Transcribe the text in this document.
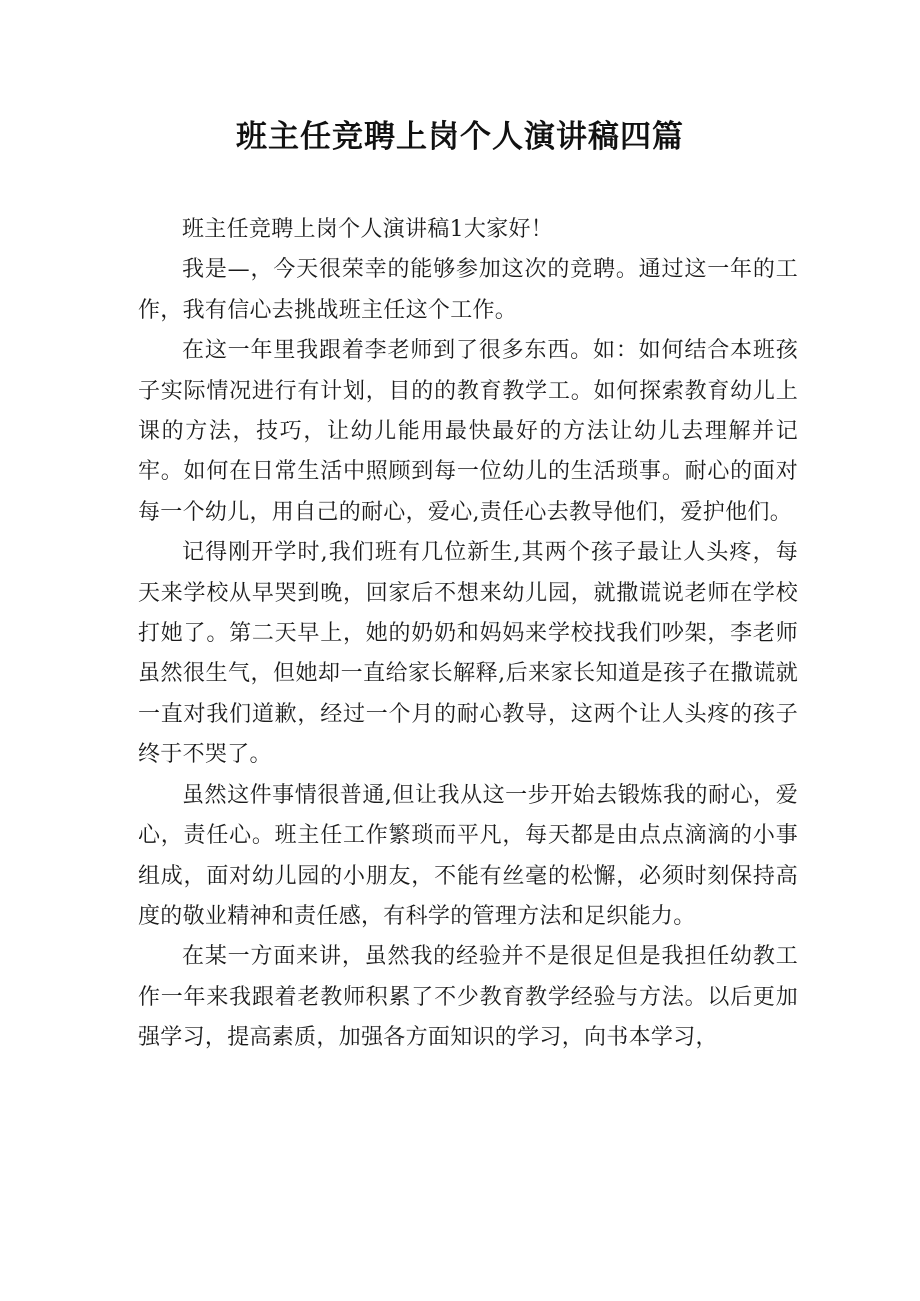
班主任竞聘上岗个人演讲稿四篇

班主任竞聘上岗个人演讲稿1大家好！

我是—，今天很荣幸的能够参加这次的竞聘。通过这一年的工作，我有信心去挑战班主任这个工作。

在这一年里我跟着李老师到了很多东西。如：如何结合本班孩子实际情况进行有计划，目的的教育教学工。如何探索教育幼儿上课的方法，技巧，让幼儿能用最快最好的方法让幼儿去理解并记牢。如何在日常生活中照顾到每一位幼儿的生活琐事。耐心的面对每一个幼儿，用自己的耐心，爱心,责任心去教导他们，爱护他们。

记得刚开学时,我们班有几位新生,其两个孩子最让人头疼，每天来学校从早哭到晚，回家后不想来幼儿园，就撒谎说老师在学校打她了。第二天早上，她的奶奶和妈妈来学校找我们吵架，李老师虽然很生气，但她却一直给家长解释,后来家长知道是孩子在撒谎就一直对我们道歉，经过一个月的耐心教导，这两个让人头疼的孩子终于不哭了。

虽然这件事情很普通,但让我从这一步开始去锻炼我的耐心，爱心，责任心。班主任工作繁琐而平凡，每天都是由点点滴滴的小事组成，面对幼儿园的小朋友，不能有丝毫的松懈，必须时刻保持高度的敬业精神和责任感，有科学的管理方法和足织能力。

在某一方面来讲，虽然我的经验并不是很足但是我担任幼教工作一年来我跟着老教师积累了不少教育教学经验与方法。以后更加强学习，提高素质，加强各方面知识的学习，向书本学习，
